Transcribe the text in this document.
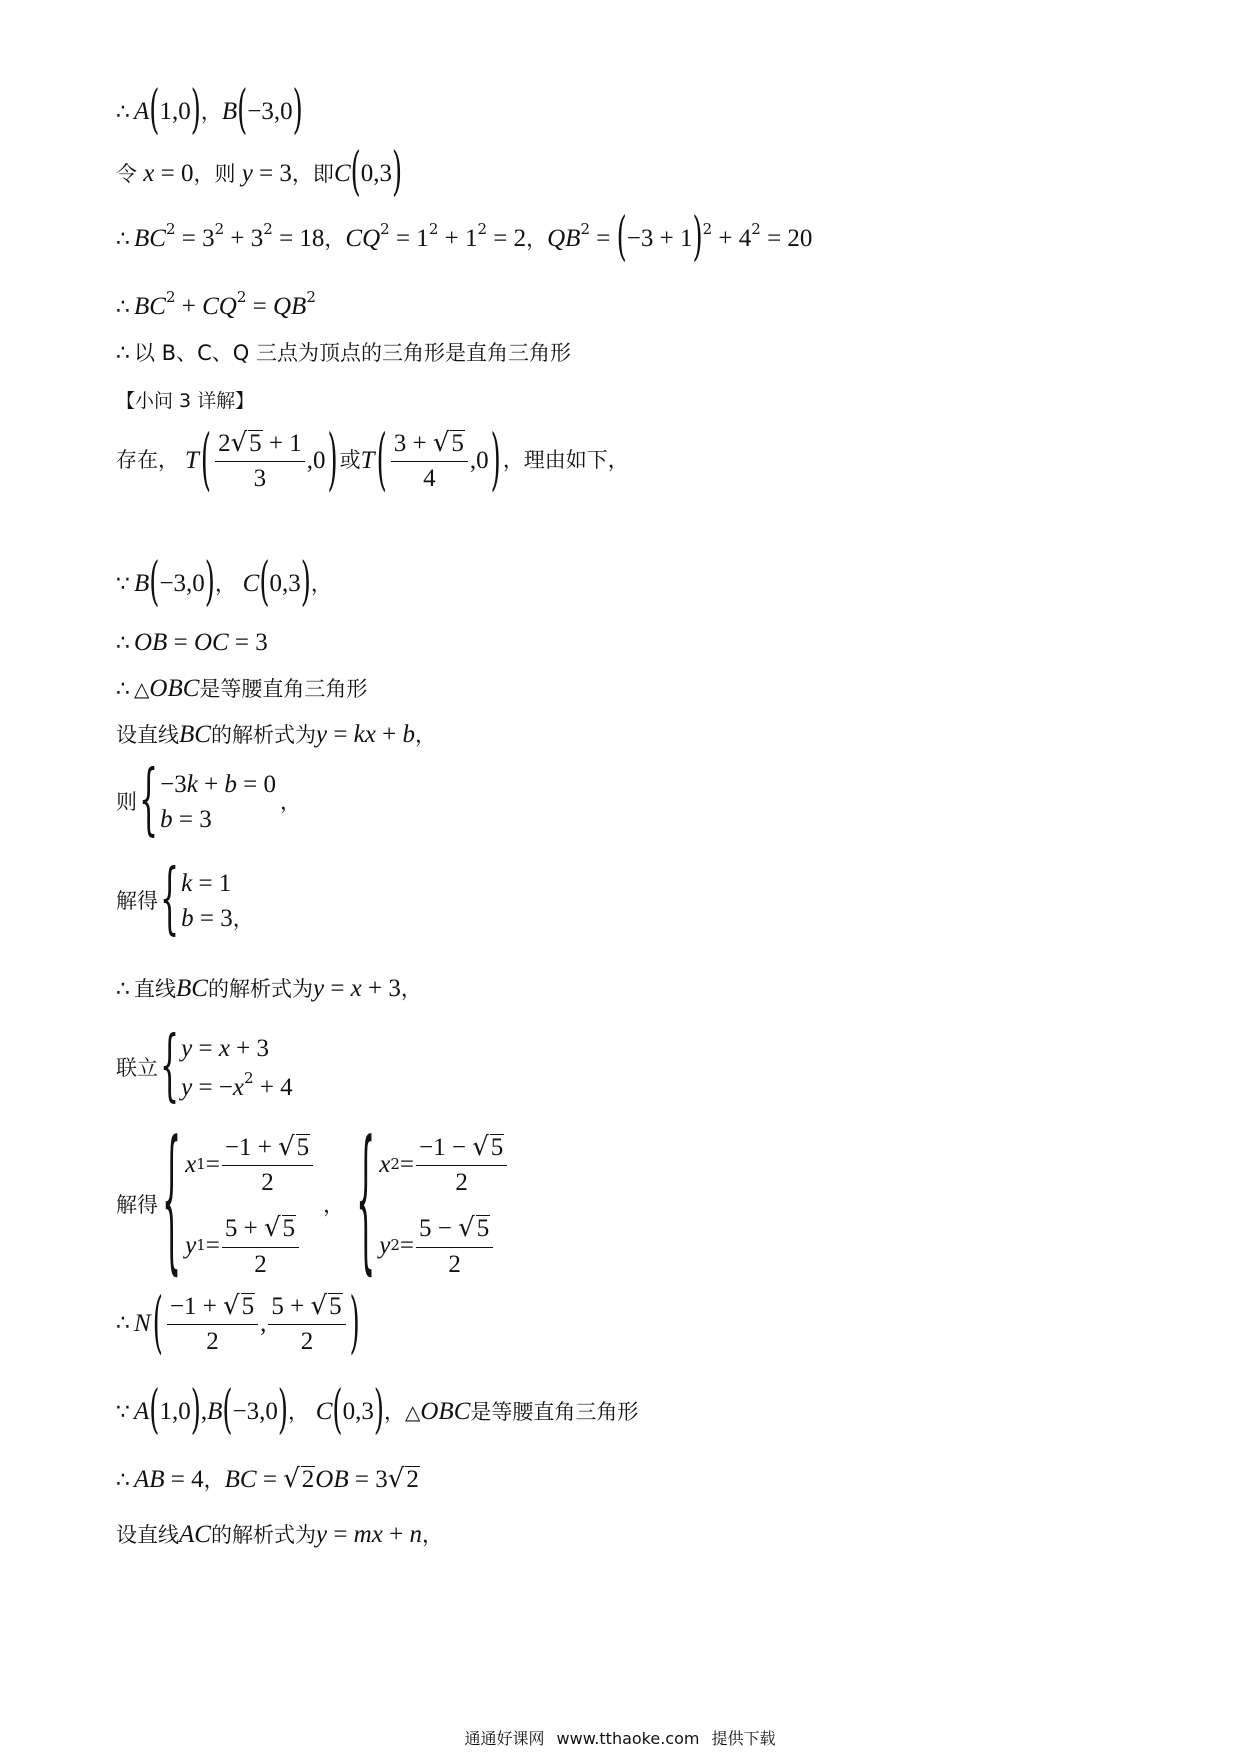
∴ A(1,0)，B(−3,0)
令 x = 0，则 y = 3，即C(0,3)
∴ $BC^2 = 3^2 + 3^2 = 18$，$CQ^2 = 1^2 + 1^2 = 2$，$QB^2 = (-3 + 1)^2 + 4^2 = 20$
∴ $BC^2 + CQ^2 = QB^2$
∴ 以 B、C、Q 三点为顶点的三角形是直角三角形
【小问 3 详解】
存在， T ( $\frac{2√5 + 1}{3} ,0$ ) 或 T ( $\frac{3 + √5}{4} ,0$ ) ，理由如下，
∵ B(−3,0)， C(0,3)，
∴ OB = OC = 3
∴ △OBC是等腰直角三角形
设直线BC的解析式为y = kx + b，
则 { −3k + b = 0
b = 3
，
解得 { k = 1
b = 3，
∴ 直线BC的解析式为y = x + 3，
联立 { y = x + 3
$y = -x^2 + 4$
解得 { x $1 = \frac{-1 + √5}{2}$
y $1 = \frac{5 + √5}{2}$
， { x $2 = \frac{-1 - √5}{2}$
y $2 = \frac{5 - √5}{2}$
∴ N ( $\frac{-1 + √5}{2}$ , $\frac{5 + √5}{2}$ )
∵ A(1,0),B(−3,0)， C(0,3)，△OBC是等腰直角三角形
∴ AB = 4，BC = √2OB = 3√2
设直线AC的解析式为y = mx + n，
通通好课网 www.tthaoke.com 提供下载
